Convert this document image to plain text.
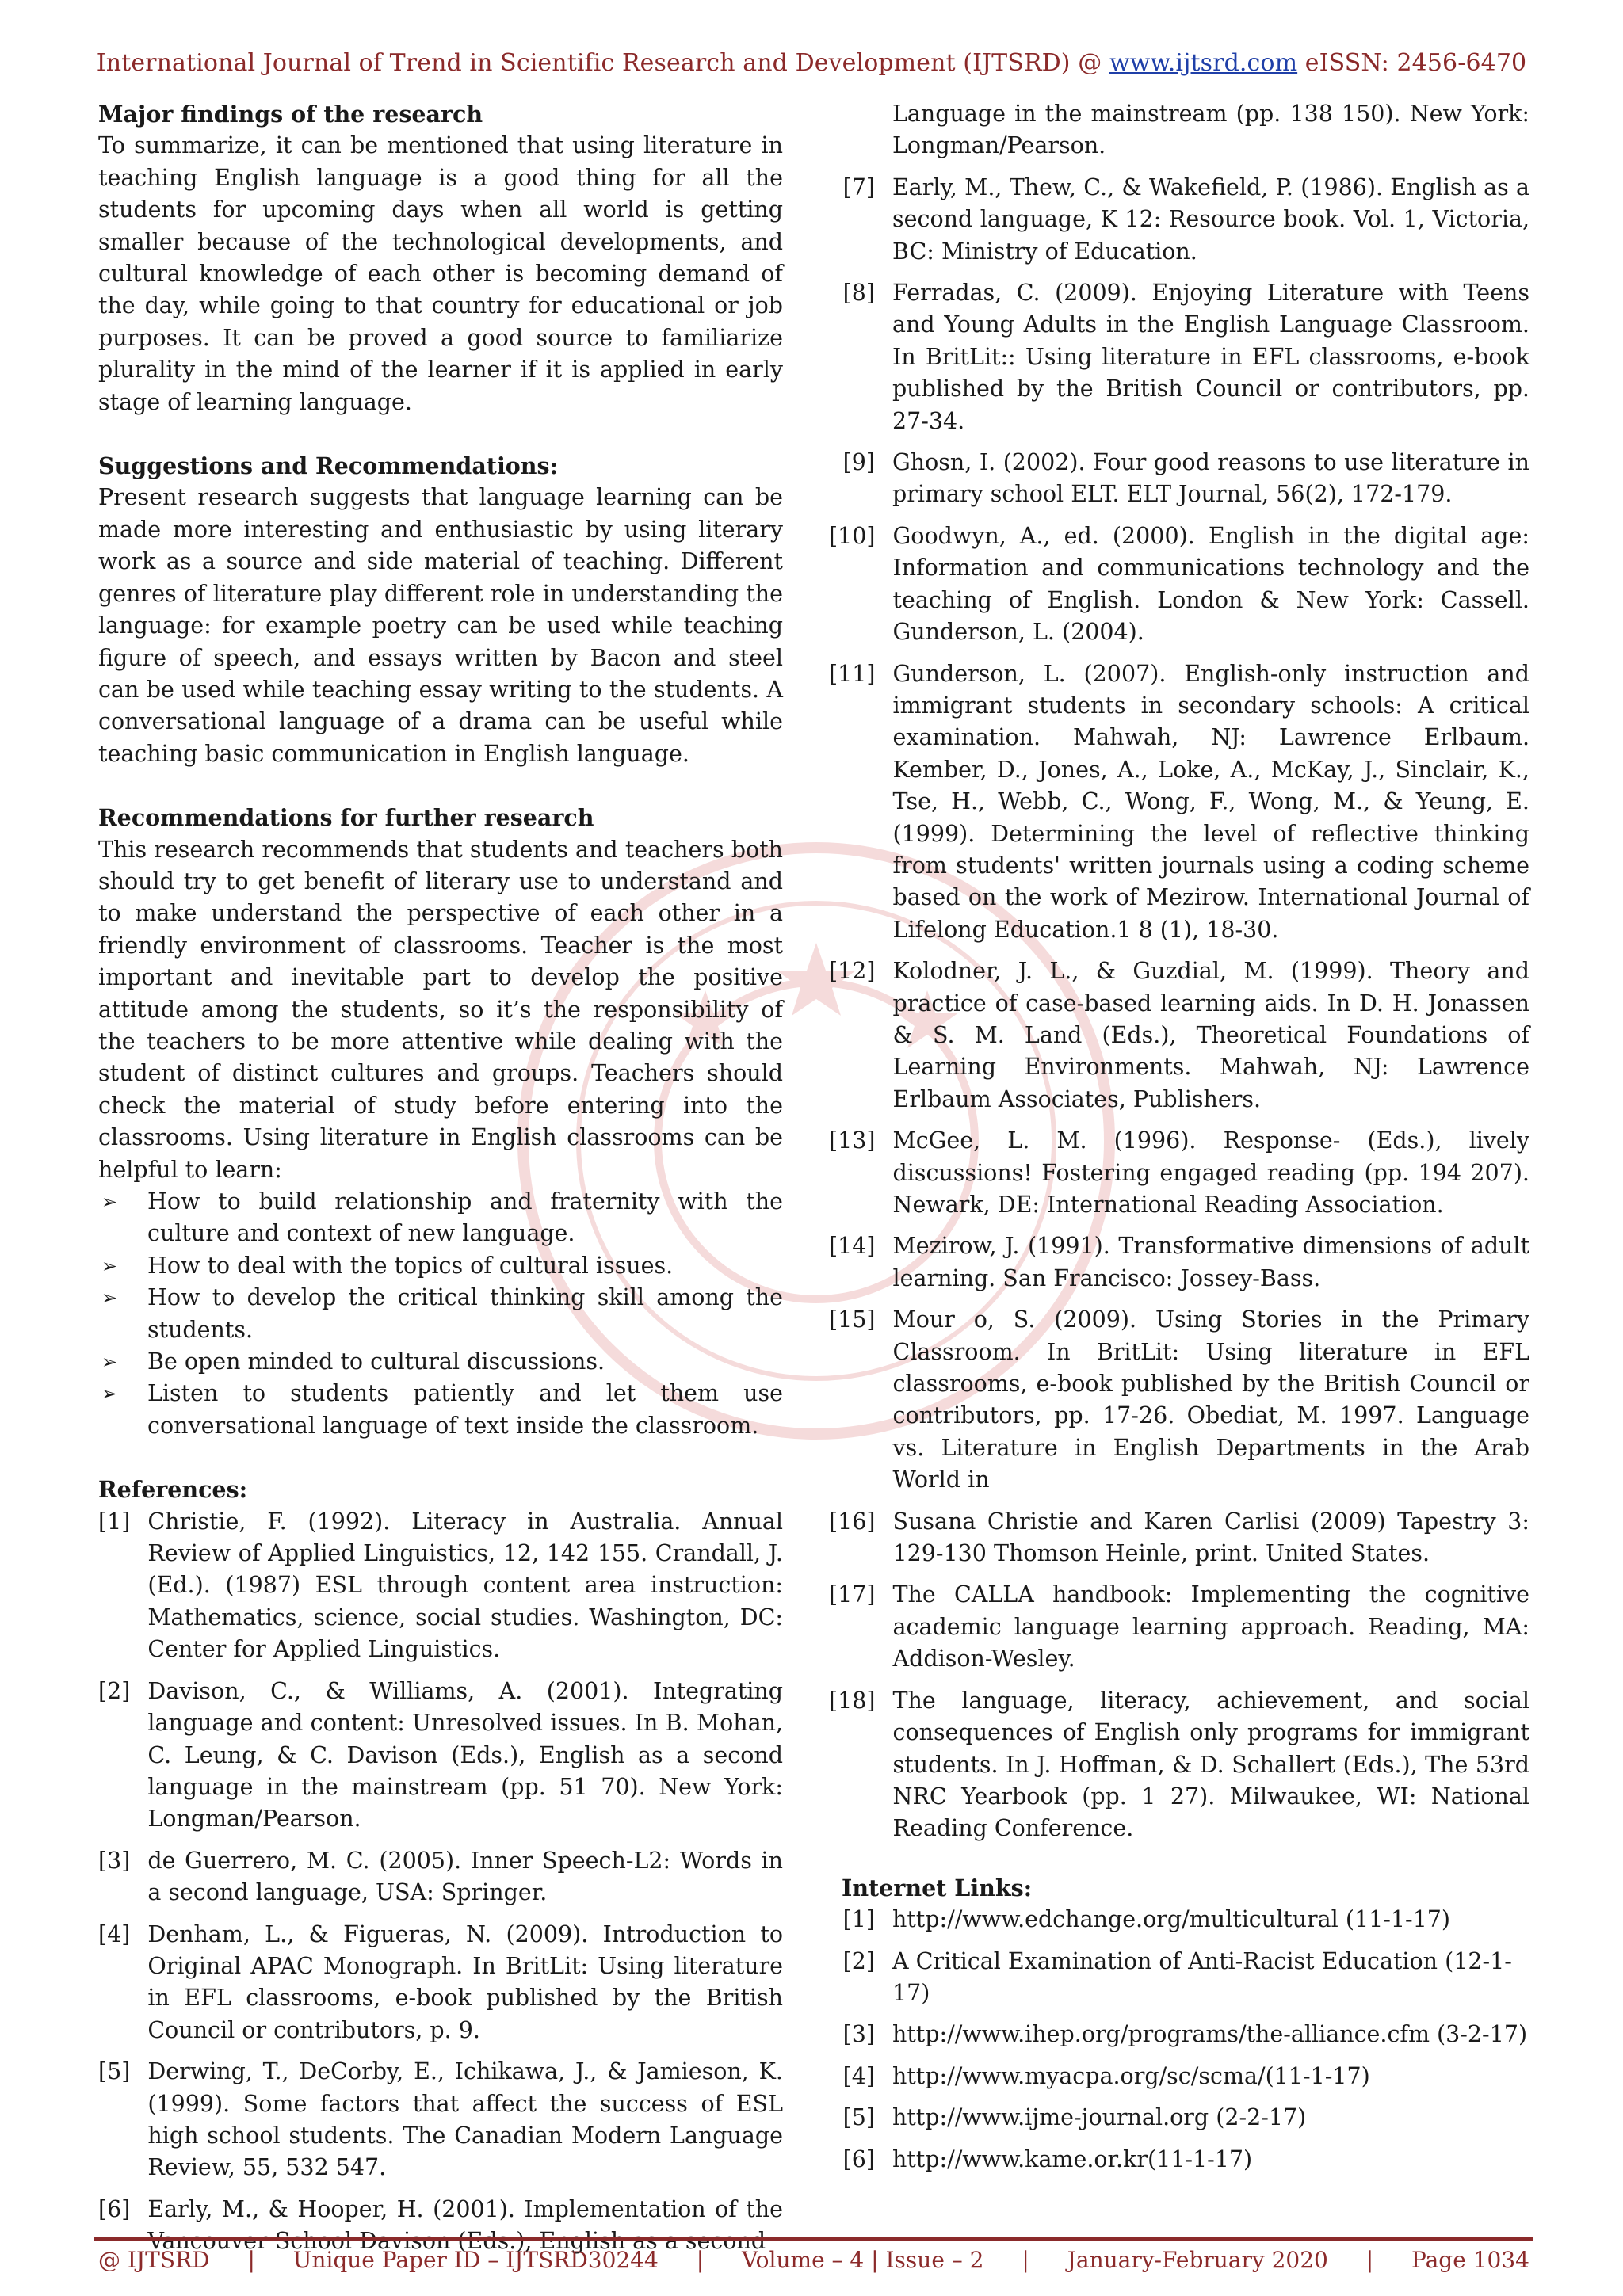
International Journal of Trend in Scientific Research and Development (IJTSRD) @ www.ijtsrd.com eISSN: 2456-6470
Major findings of the research

To summarize, it can be mentioned that using literature in teaching English language is a good thing for all the students for upcoming days when all world is getting smaller because of the technological developments, and cultural knowledge of each other is becoming demand of the day, while going to that country for educational or job purposes. It can be proved a good source to familiarize plurality in the mind of the learner if it is applied in early stage of learning language.

Suggestions and Recommendations:

Present research suggests that language learning can be made more interesting and enthusiastic by using literary work as a source and side material of teaching. Different genres of literature play different role in understanding the language: for example poetry can be used while teaching figure of speech, and essays written by Bacon and steel can be used while teaching essay writing to the students. A conversational language of a drama can be useful while teaching basic communication in English language.

Recommendations for further research

This research recommends that students and teachers both should try to get benefit of literary use to understand and to make understand the perspective of each other in a friendly environment of classrooms. Teacher is the most important and inevitable part to develop the positive attitude among the students, so it’s the responsibility of the teachers to be more attentive while dealing with the student of distinct cultures and groups. Teachers should check the material of study before entering into the classrooms. Using literature in English classrooms can be helpful to learn:

➢ How to build relationship and fraternity with the culture and context of new language.
➢ How to deal with the topics of cultural issues.
➢ How to develop the critical thinking skill among the students.
➢ Be open minded to cultural discussions.
➢ Listen to students patiently and let them use conversational language of text inside the classroom.
References:
[1] Christie, F. (1992). Literacy in Australia. Annual Review of Applied Linguistics, 12, 142 155. Crandall, J. (Ed.). (1987) ESL through content area instruction: Mathematics, science, social studies. Washington, DC: Center for Applied Linguistics.
[2] Davison, C., & Williams, A. (2001). Integrating language and content: Unresolved issues. In B. Mohan, C. Leung, & C. Davison (Eds.), English as a second language in the mainstream (pp. 51 70). New York: Longman/Pearson.
[3] de Guerrero, M. C. (2005). Inner Speech-L2: Words in a second language, USA: Springer.
[4] Denham, L., & Figueras, N. (2009). Introduction to Original APAC Monograph. In BritLit: Using literature in EFL classrooms, e-book published by the British Council or contributors, p. 9.
[5] Derwing, T., DeCorby, E., Ichikawa, J., & Jamieson, K. (1999). Some factors that affect the success of ESL high school students. The Canadian Modern Language Review, 55, 532 547.
[6] Early, M., & Hooper, H. (2001). Implementation of the
Language in the mainstream (pp. 138 150). New York: Longman/Pearson.
[7] Early, M., Thew, C., & Wakefield, P. (1986). English as a second language, K 12: Resource book. Vol. 1, Victoria, BC: Ministry of Education.
[8] Ferradas, C. (2009). Enjoying Literature with Teens and Young Adults in the English Language Classroom. In BritLit:: Using literature in EFL classrooms, e-book published by the British Council or contributors, pp. 27-34.
[9] Ghosn, I. (2002). Four good reasons to use literature in primary school ELT. ELT Journal, 56(2), 172-179.
[10] Goodwyn, A., ed. (2000). English in the digital age: Information and communications technology and the teaching of English. London & New York: Cassell. Gunderson, L. (2004).
[11] Gunderson, L. (2007). English-only instruction and immigrant students in secondary schools: A critical examination. Mahwah, NJ: Lawrence Erlbaum. Kember, D., Jones, A., Loke, A., McKay, J., Sinclair, K., Tse, H., Webb, C., Wong, F., Wong, M., & Yeung, E. (1999). Determining the level of reflective thinking from students' written journals using a coding scheme based on the work of Mezirow. International Journal of Lifelong Education.1 8 (1), 18-30.
[12] Kolodner, J. L., & Guzdial, M. (1999). Theory and practice of case-based learning aids. In D. H. Jonassen & S. M. Land (Eds.), Theoretical Foundations of Learning Environments. Mahwah, NJ: Lawrence Erlbaum Associates, Publishers.
[13] McGee, L. M. (1996). Response- (Eds.), lively discussions! Fostering engaged reading (pp. 194 207). Newark, DE: International Reading Association.
[14] Mezirow, J. (1991). Transformative dimensions of adult learning. San Francisco: Jossey-Bass.
[15] Mour o, S. (2009). Using Stories in the Primary Classroom. In BritLit: Using literature in EFL classrooms, e-book published by the British Council or contributors, pp. 17-26. Obediat, M. 1997. Language vs. Literature in English Departments in the Arab World in
[16] Susana Christie and Karen Carlisi (2009) Tapestry 3: 129-130 Thomson Heinle, print. United States.
[17] The CALLA handbook: Implementing the cognitive academic language learning approach. Reading, MA: Addison-Wesley.
[18] The language, literacy, achievement, and social consequences of English only programs for immigrant students. In J. Hoffman, & D. Schallert (Eds.), The 53rd NRC Yearbook (pp. 1 27). Milwaukee, WI: National Reading Conference.
Internet Links:
[1] http://www.edchange.org/multicultural (11-1-17)
[2] A Critical Examination of Anti-Racist Education (12-1-17)
[3] http://www.ihep.org/programs/the-alliance.cfm (3-2-17)
[4] http://www.myacpa.org/sc/scma/(11-1-17)
[5] http://www.ijme-journal.org (2-2-17)
[6] http://www.kame.or.kr(11-1-17)
@ IJTSRD | Unique Paper ID – IJTSRD30244 | Volume – 4 | Issue – 2 | January-February 2020 | Page 1034
